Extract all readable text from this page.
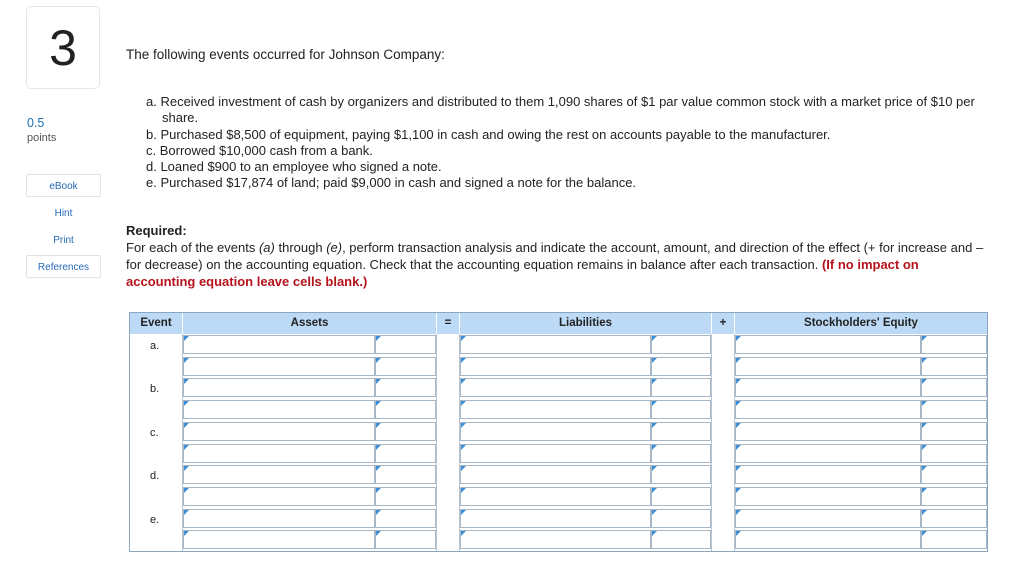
3
0.5
points
eBook
Hint
Print
References
The following events occurred for Johnson Company:
a. Received investment of cash by organizers and distributed to them 1,090 shares of $1 par value common stock with a market price of $10 per share.
b. Purchased $8,500 of equipment, paying $1,100 in cash and owing the rest on accounts payable to the manufacturer.
c. Borrowed $10,000 cash from a bank.
d. Loaned $900 to an employee who signed a note.
e. Purchased $17,874 of land; paid $9,000 in cash and signed a note for the balance.
Required:
For each of the events (a) through (e), perform transaction analysis and indicate the account, amount, and direction of the effect (+ for increase and – for decrease) on the accounting equation. Check that the accounting equation remains in balance after each transaction. (If no impact on accounting equation leave cells blank.)
Event	Assets	=	Liabilities	+	Stockholders' Equity
a.
b.
c.
d.
e.
